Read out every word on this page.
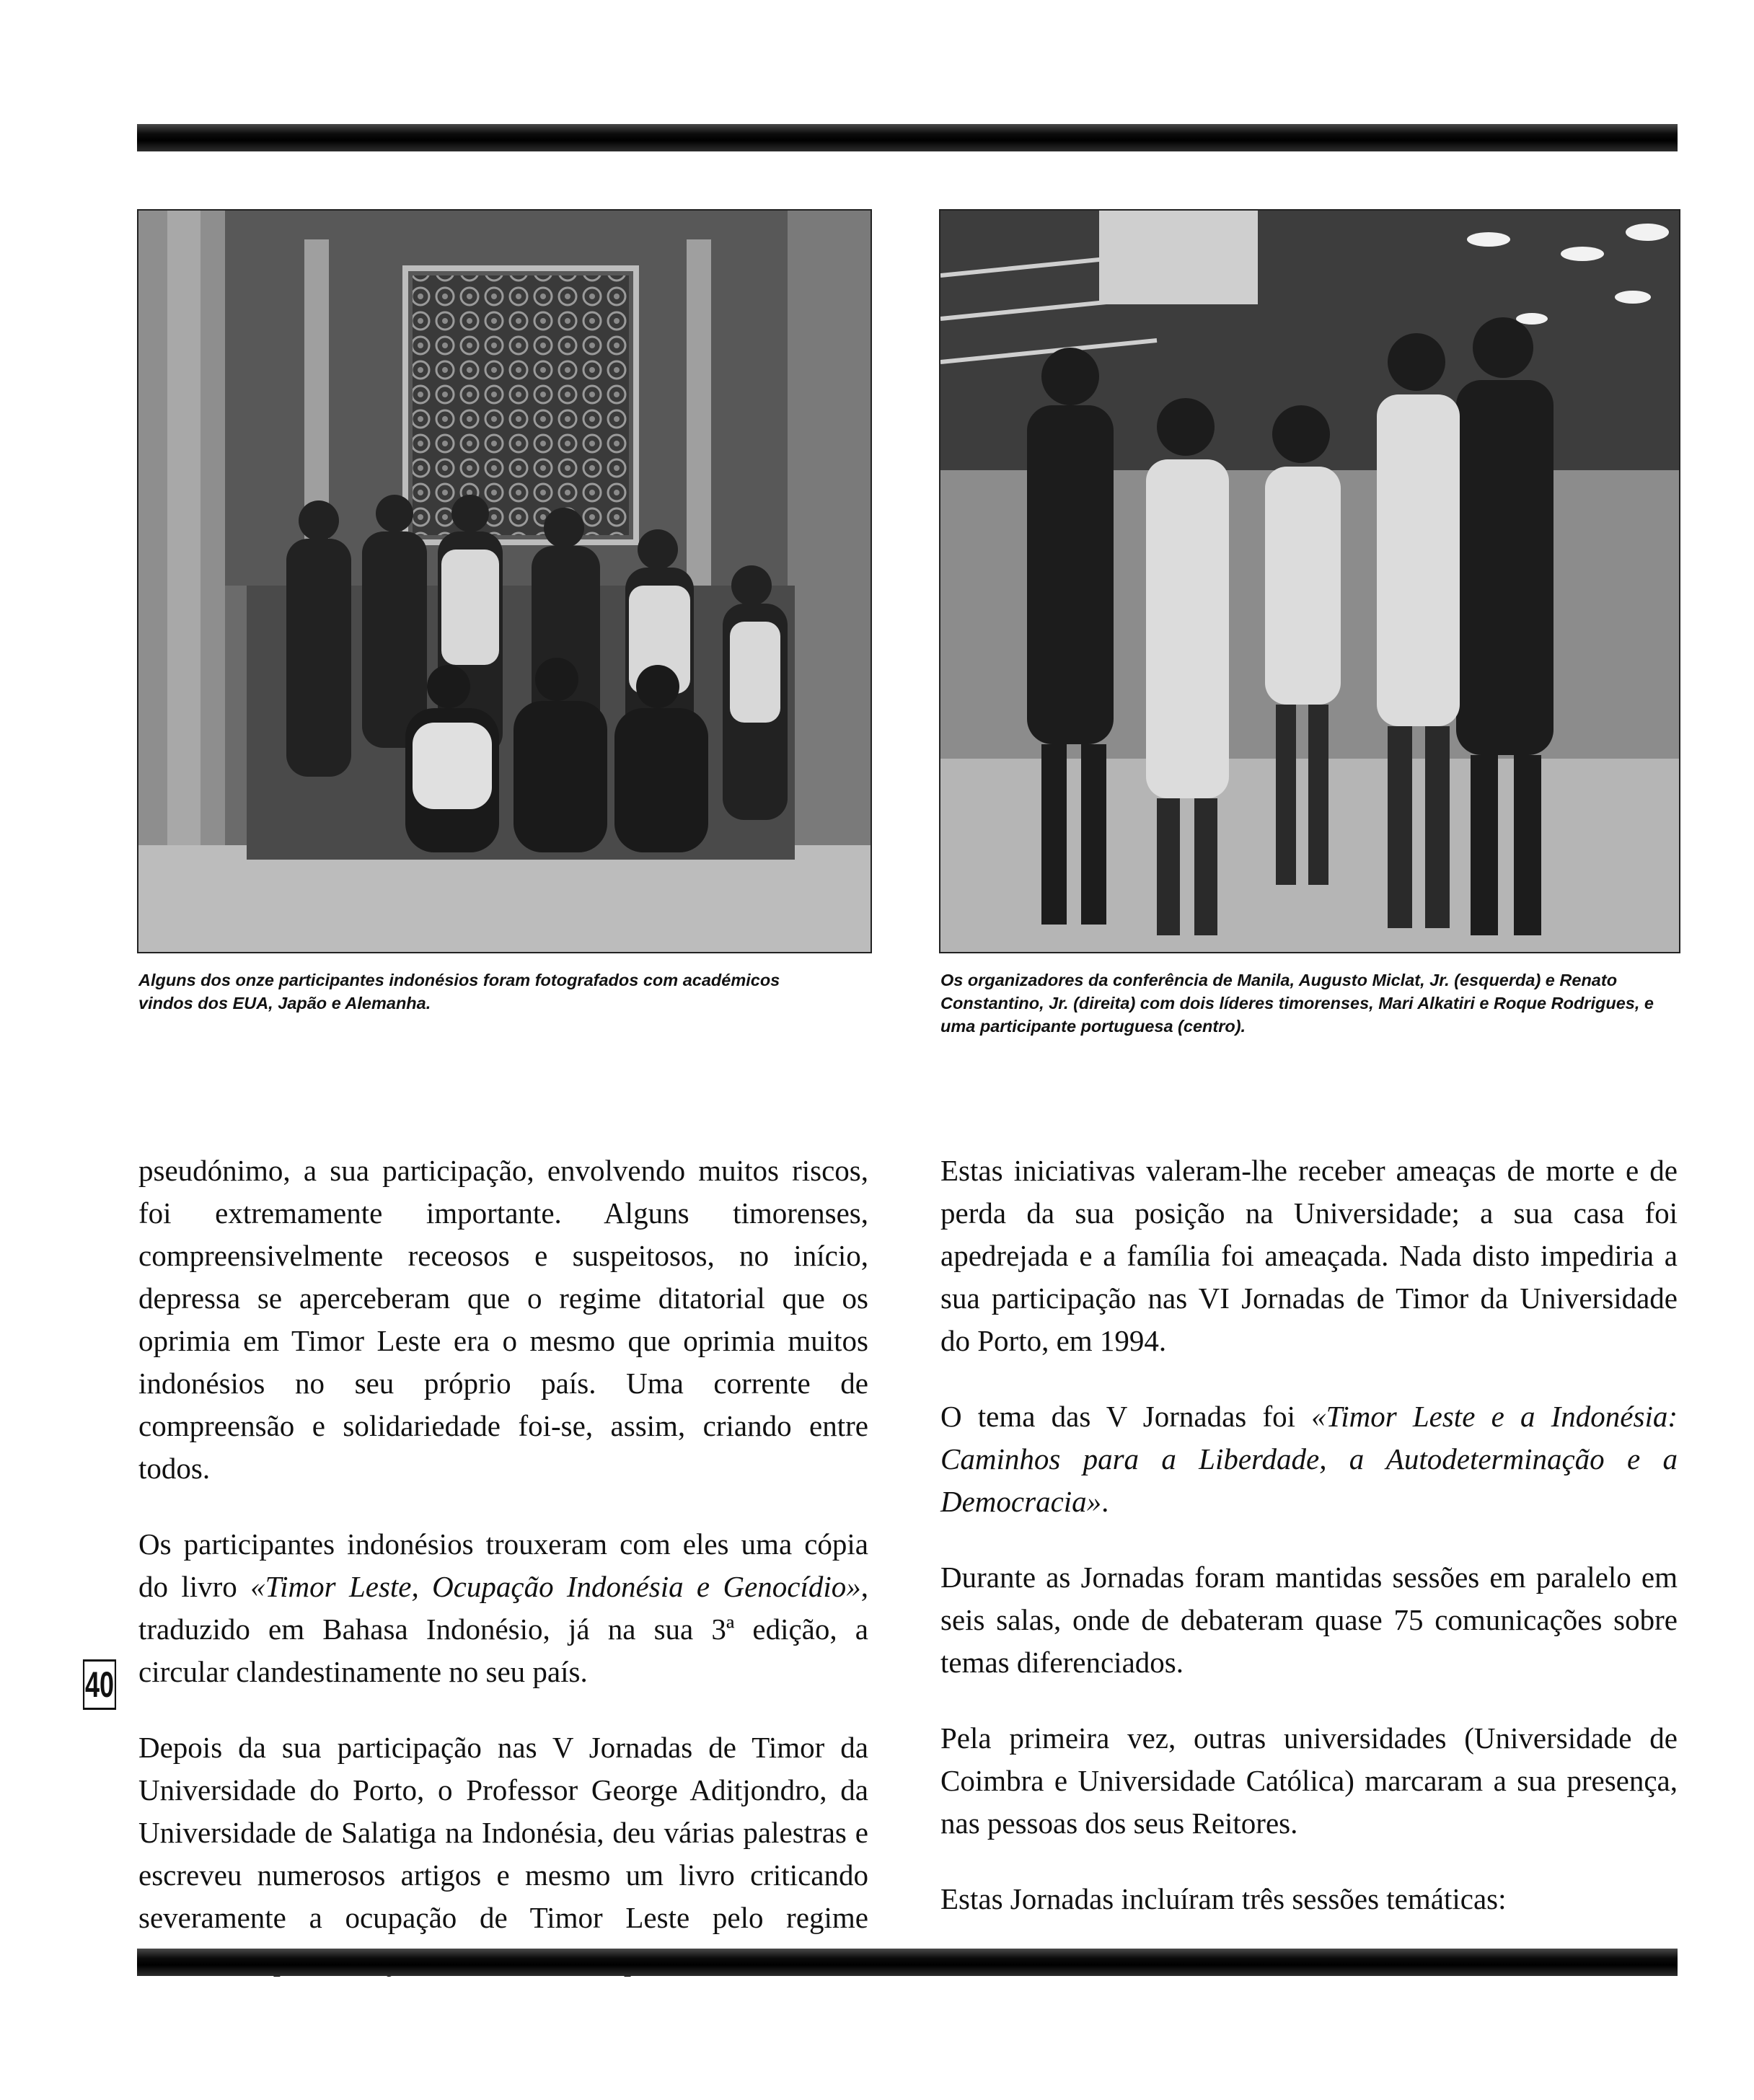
Alguns dos onze participantes indonésios foram fotografados com académicos vindos dos EUA, Japão e Alemanha.

Os organizadores da conferência de Manila, Augusto Miclat, Jr. (esquerda) e Renato Constantino, Jr. (direita) com dois líderes timorenses, Mari Alkatiri e Roque Rodrigues, e uma participante portuguesa (centro).

pseudónimo, a sua participação, envolvendo muitos riscos, foi extremamente importante. Alguns timorenses, compreensivelmente receosos e suspeitosos, no início, depressa se aperceberam que o regime ditatorial que os oprimia em Timor Leste era o mesmo que oprimia muitos indonésios no seu próprio país. Uma corrente de compreensão e solidariedade foi-se, assim, criando entre todos.

Os participantes indonésios trouxeram com eles uma cópia do livro «Timor Leste, Ocupação Indonésia e Genocídio», traduzido em Bahasa Indonésio, já na sua 3ª edição, a circular clandestinamente no seu país.

Depois da sua participação nas V Jornadas de Timor da Universidade do Porto, o Professor George Aditjondro, da Universidade de Salatiga na Indonésia, deu várias palestras e escreveu numerosos artigos e mesmo um livro criticando severamente a ocupação de Timor Leste pelo regime

Estas iniciativas valeram-lhe receber ameaças de morte e de perda da sua posição na Universidade; a sua casa foi apedrejada e a família foi ameaçada. Nada disto impediria a sua participação nas VI Jornadas de Timor da Universidade do Porto, em 1994.

O tema das V Jornadas foi «Timor Leste e a Indonésia: Caminhos para a Liberdade, a Autodeterminação e a Democracia».

Durante as Jornadas foram mantidas sessões em paralelo em seis salas, onde de debateram quase 75 comunicações sobre temas diferenciados.

Pela primeira vez, outras universidades (Universidade de Coimbra e Universidade Católica) marcaram a sua presença, nas pessoas dos seus Reitores.

Estas Jornadas incluíram três sessões temáticas:

40
